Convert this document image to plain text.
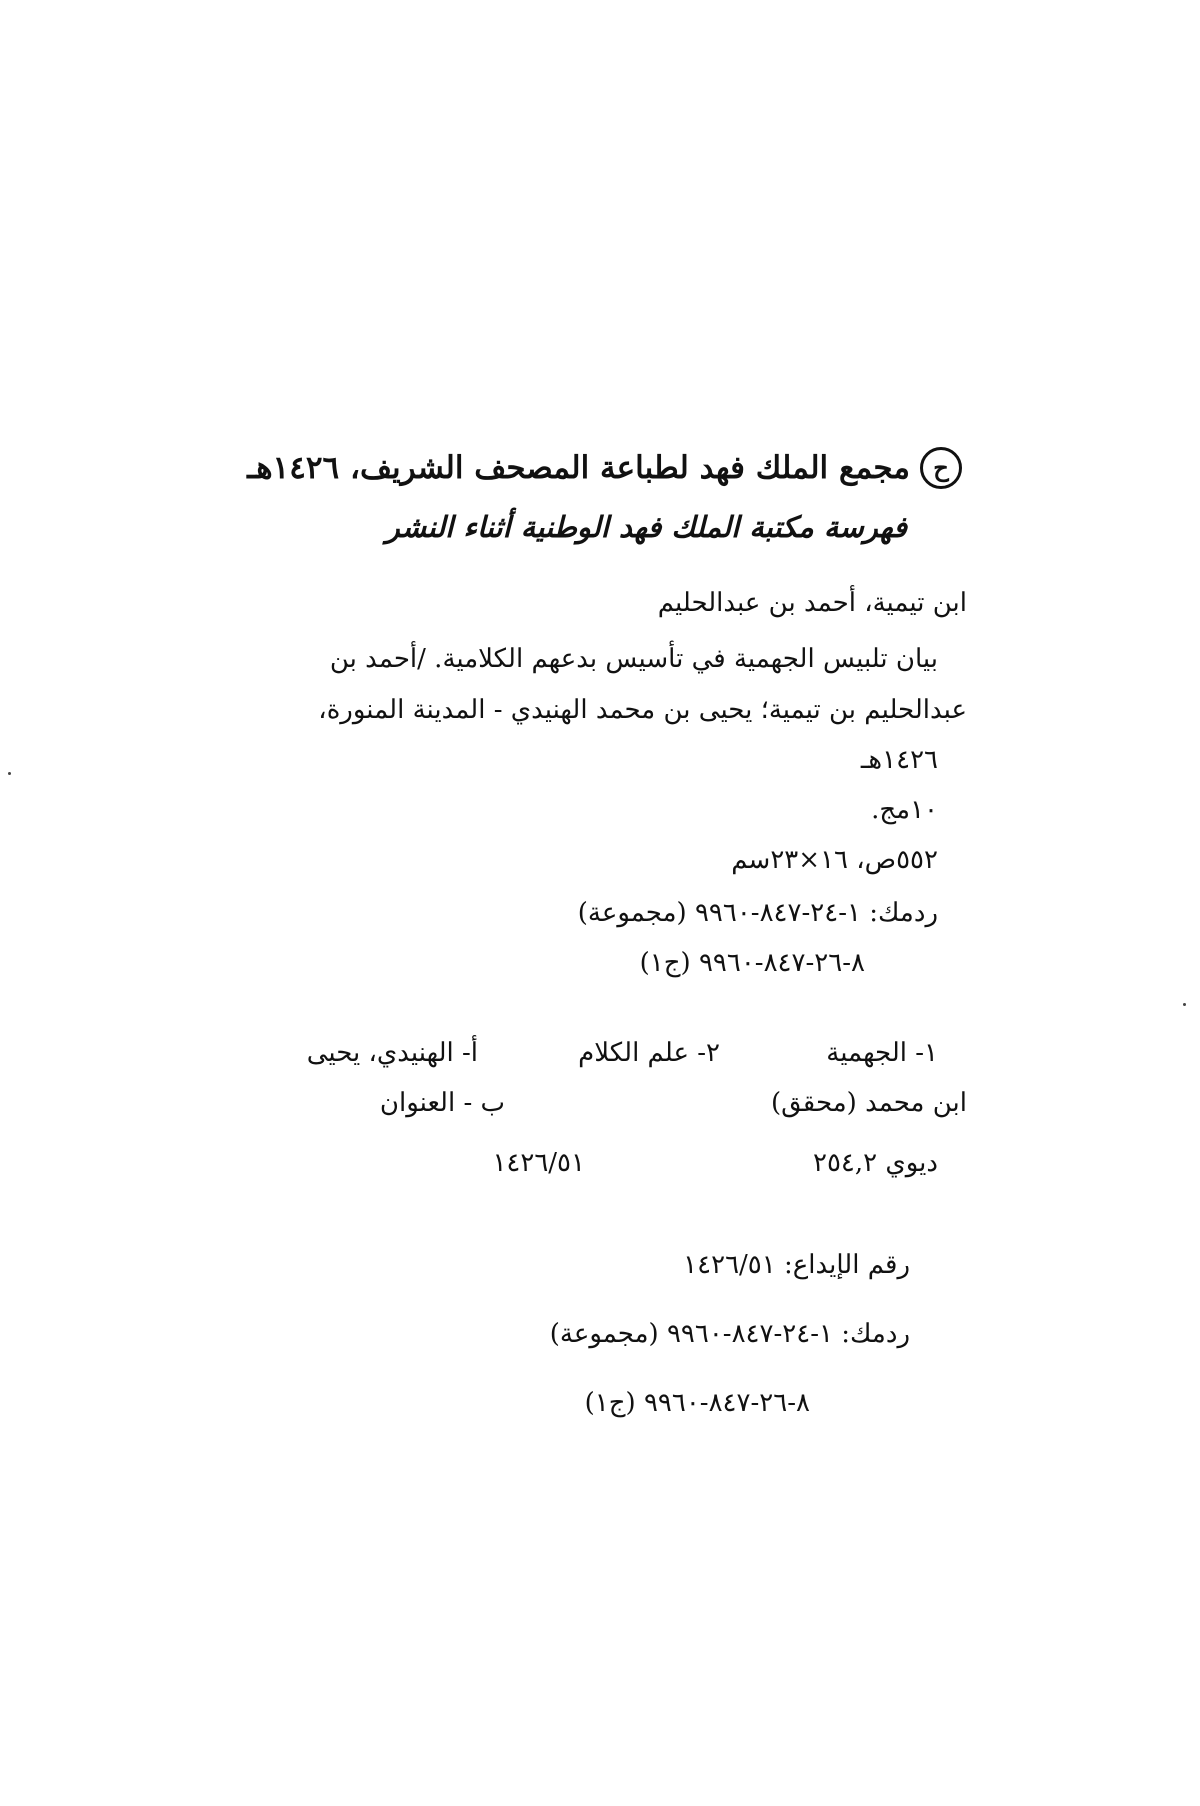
ح
مجمع الملك فهد لطباعة المصحف الشريف، ١٤٢٦هـ
فهرسة مكتبة الملك فهد الوطنية أثناء النشر
ابن تيمية، أحمد بن عبدالحليم
بيان تلبيس الجهمية في تأسيس بدعهم الكلامية. /أحمد بن
عبدالحليم بن تيمية؛ يحيى بن محمد الهنيدي - المدينة المنورة،
١٤٢٦هـ
١٠مج.
٥٥٢ص، ١٦×٢٣سم
ردمك: ١-٢٤-٨٤٧-٩٩٦٠ (مجموعة)
٨-٢٦-٨٤٧-٩٩٦٠ (ج١)
١- الجهمية
٢- علم الكلام
أ- الهنيدي، يحيى
ابن محمد (محقق)
ب - العنوان
ديوي ٢٥٤,٢
١٤٢٦/٥١
رقم الإيداع: ١٤٢٦/٥١
ردمك: ١-٢٤-٨٤٧-٩٩٦٠ (مجموعة)
٨-٢٦-٨٤٧-٩٩٦٠ (ج١)
